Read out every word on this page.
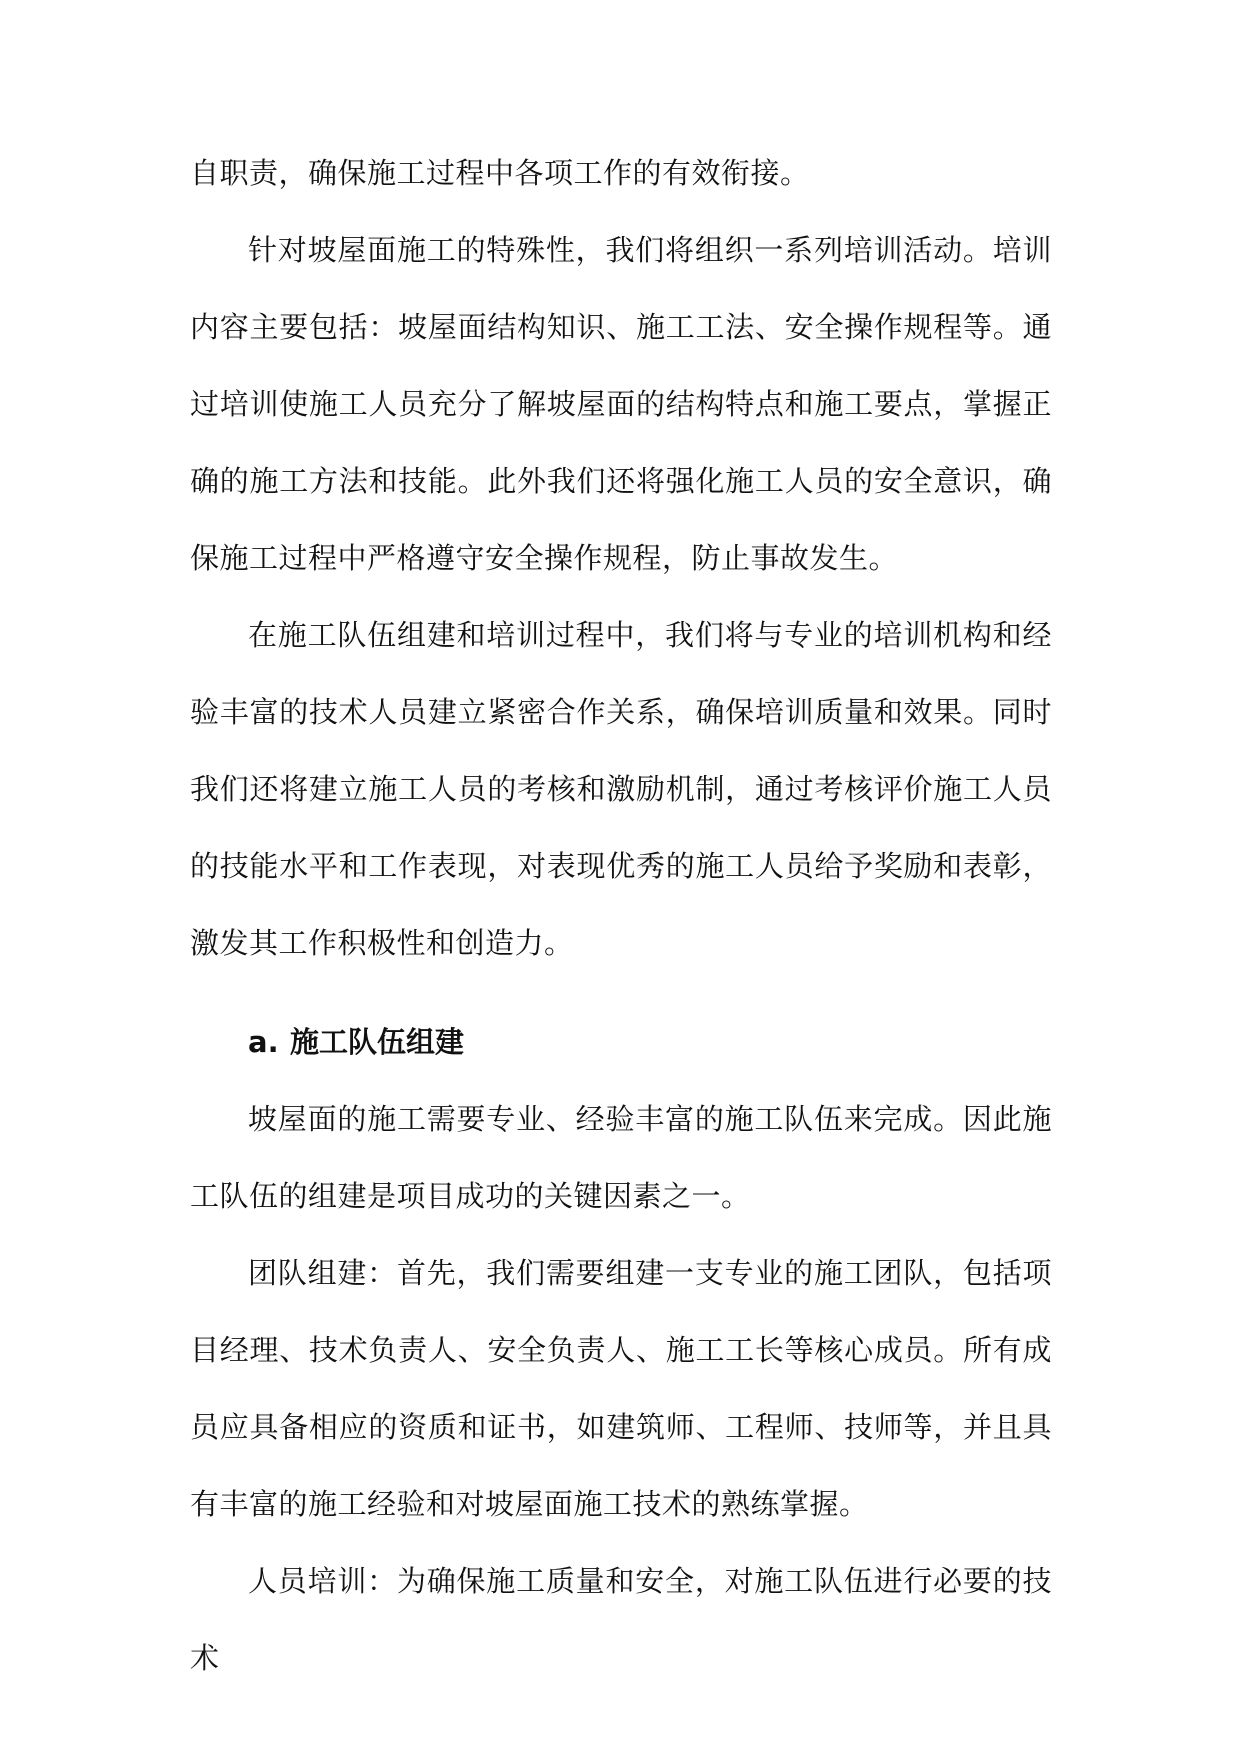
自职责，确保施工过程中各项工作的有效衔接。

针对坡屋面施工的特殊性，我们将组织一系列培训活动。培训内容主要包括：坡屋面结构知识、施工工法、安全操作规程等。通过培训使施工人员充分了解坡屋面的结构特点和施工要点，掌握正确的施工方法和技能。此外我们还将强化施工人员的安全意识，确保施工过程中严格遵守安全操作规程，防止事故发生。

在施工队伍组建和培训过程中，我们将与专业的培训机构和经验丰富的技术人员建立紧密合作关系，确保培训质量和效果。同时我们还将建立施工人员的考核和激励机制，通过考核评价施工人员的技能水平和工作表现，对表现优秀的施工人员给予奖励和表彰，激发其工作积极性和创造力。

a. 施工队伍组建

坡屋面的施工需要专业、经验丰富的施工队伍来完成。因此施工队伍的组建是项目成功的关键因素之一。

团队组建：首先，我们需要组建一支专业的施工团队，包括项目经理、技术负责人、安全负责人、施工工长等核心成员。所有成员应具备相应的资质和证书，如建筑师、工程师、技师等，并且具有丰富的施工经验和对坡屋面施工技术的熟练掌握。

人员培训：为确保施工质量和安全，对施工队伍进行必要的技术
